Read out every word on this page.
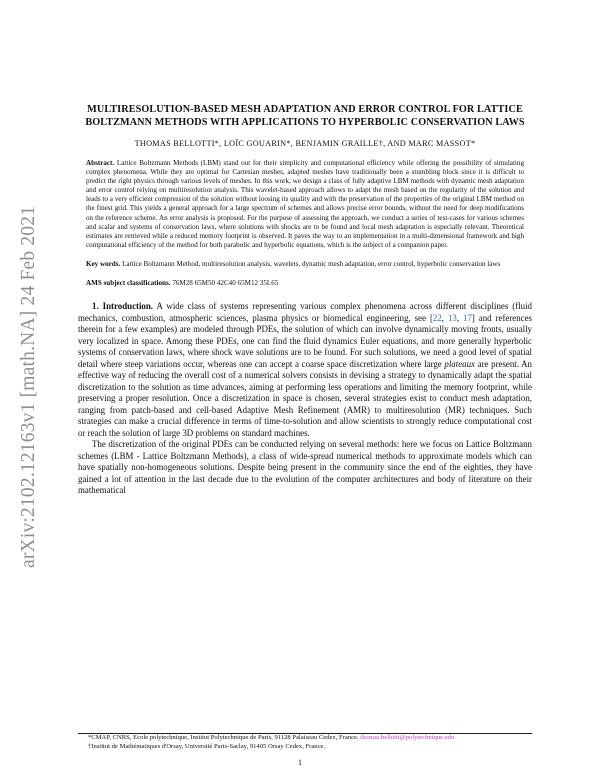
arXiv:2102.12163v1 [math.NA] 24 Feb 2021
MULTIRESOLUTION-BASED MESH ADAPTATION AND ERROR CONTROL FOR LATTICE BOLTZMANN METHODS WITH APPLICATIONS TO HYPERBOLIC CONSERVATION LAWS
THOMAS BELLOTTI*, LOÏC GOUARIN*, BENJAMIN GRAILLE†, AND MARC MASSOT*
Abstract. Lattice Boltzmann Methods (LBM) stand out for their simplicity and computational efficiency while offering the possibility of simulating complex phenomena. While they are optimal for Cartesian meshes, adapted meshes have traditionally been a stumbling block since it is difficult to predict the right physics through various levels of meshes. In this work, we design a class of fully adaptive LBM methods with dynamic mesh adaptation and error control relying on multiresolution analysis. This wavelet-based approach allows to adapt the mesh based on the regularity of the solution and leads to a very efficient compression of the solution without loosing its quality and with the preservation of the properties of the original LBM method on the finest grid. This yields a general approach for a large spectrum of schemes and allows precise error bounds, without the need for deep modifications on the reference scheme. An error analysis is proposed. For the purpose of assessing the approach, we conduct a series of test-cases for various schemes and scalar and systems of conservation laws, where solutions with shocks are to be found and local mesh adaptation is especially relevant. Theoretical estimates are retrieved while a reduced memory footprint is observed. It paves the way to an implementation in a multi-dimensional framework and high computational efficiency of the method for both parabolic and hyperbolic equations, which is the subject of a companion paper.
Key words. Lattice Boltzmann Method, multiresolution analysis, wavelets, dynamic mesh adaptation, error control, hyperbolic conservation laws
AMS subject classifications. 76M28 65M50 42C40 65M12 35L65

1. Introduction. A wide class of systems representing various complex phenomena across different disciplines (fluid mechanics, combustion, atmospheric sciences, plasma physics or biomedical engineering, see [22, 13, 17] and references therein for a few examples) are modeled through PDEs, the solution of which can involve dynamically moving fronts, usually very localized in space. Among these PDEs, one can find the fluid dynamics Euler equations, and more generally hyperbolic systems of conservation laws, where shock wave solutions are to be found. For such solutions, we need a good level of spatial detail where steep variations occur, whereas one can accept a coarse space discretization where large plateaux are present. An effective way of reducing the overall cost of a numerical solvers consists in devising a strategy to dynamically adapt the spatial discretization to the solution as time advances, aiming at performing less operations and limiting the memory footprint, while preserving a proper resolution. Once a discretization in space is chosen, several strategies exist to conduct mesh adaptation, ranging from patch-based and cell-based Adaptive Mesh Refinement (AMR) to multiresolution (MR) techniques. Such strategies can make a crucial difference in terms of time-to-solution and allow scientists to strongly reduce computational cost or reach the solution of large 3D problems on standard machines.

The discretization of the original PDEs can be conducted relying on several methods: here we focus on Lattice Boltzmann schemes (LBM - Lattice Boltzmann Methods), a class of wide-spread numerical methods to approximate models which can have spatially non-homogeneous solutions. Despite being present in the community since the end of the eighties, they have gained a lot of attention in the last decade due to the evolution of the computer architectures and body of literature on their mathematical

*CMAP, CNRS, Ecole polytechnique, Institut Polytechnique de Paris, 91128 Palaiseau Cedex, France. thomas.bellotti@polytechnique.edu
†Institut de Mathématiques d'Orsay, Université Paris-Saclay, 91405 Orsay Cedex, France.
1
